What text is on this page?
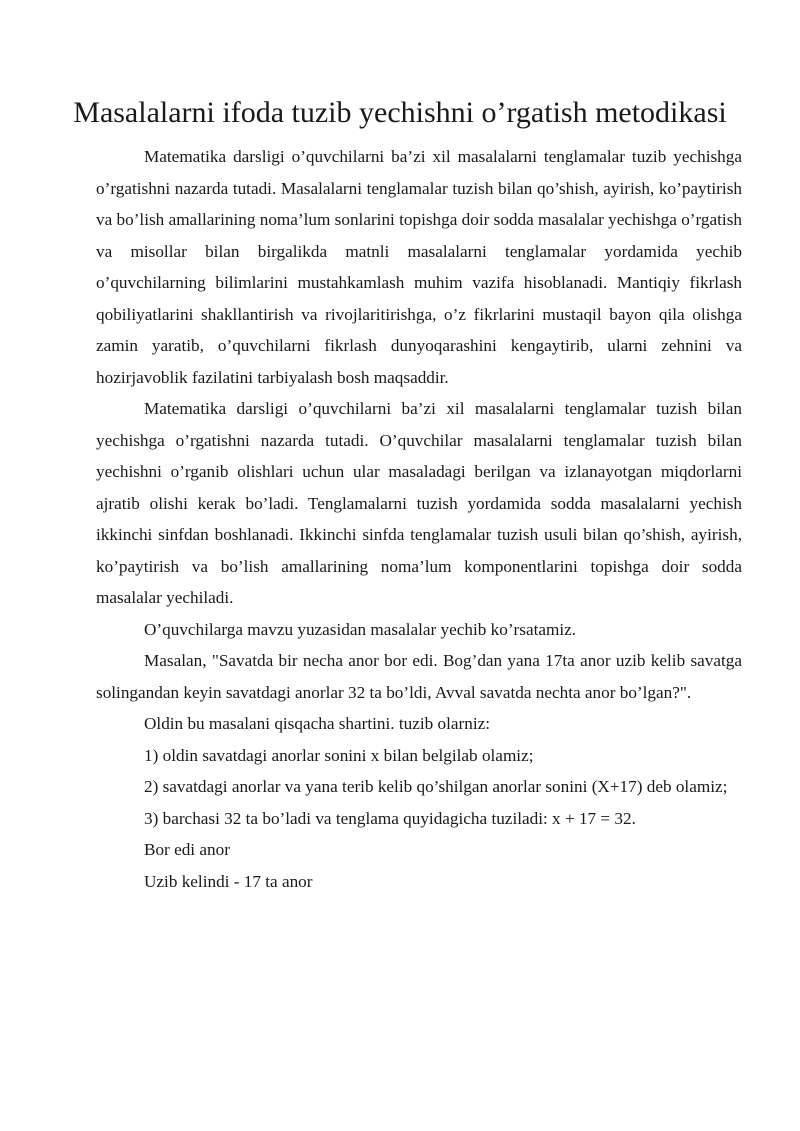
Masalalarni ifoda tuzib yechishni o’rgatish metodikasi

Matematika darsligi o’quvchilarni ba’zi xil masalalarni tenglamalar tuzib yechishga o’rgatishni nazarda tutadi. Masalalarni tenglamalar tuzish bilan qo’shish, ayirish, ko’paytirish va bo’lish amallarining noma’lum sonlarini topishga doir sodda masalalar yechishga o’rgatish va misollar bilan birgalikda matnli masalalarni tenglamalar yordamida yechib o’quvchilarning bilimlarini mustahkamlash muhim vazifa hisoblanadi. Mantiqiy fikrlash qobiliyatlarini shakllantirish va rivojlaritirishga, o’z fikrlarini mustaqil bayon qila olishga zamin yaratib, o’quvchilarni fikrlash dunyoqarashini kengaytirib, ularni zehnini va hozirjavoblik fazilatini tarbiyalash bosh maqsaddir.

Matematika darsligi o’quvchilarni ba’zi xil masalalarni tenglamalar tuzish bilan yechishga o’rgatishni nazarda tutadi. O’quvchilar masalalarni tenglamalar tuzish bilan yechishni o’rganib olishlari uchun ular masaladagi berilgan va izlanayotgan miqdorlarni ajratib olishi kerak bo’ladi. Tenglamalarni tuzish yordamida sodda masalalarni yechish ikkinchi sinfdan boshlanadi. Ikkinchi sinfda tenglamalar tuzish usuli bilan qo’shish, ayirish, ko’paytirish va bo’lish amallarining noma’lum komponentlarini topishga doir sodda masalalar yechiladi.

O’quvchilarga mavzu yuzasidan masalalar yechib ko’rsatamiz.

Masalan, "Savatda bir necha anor bor edi. Bog’dan yana 17ta anor uzib kelib savatga solingandan keyin savatdagi anorlar 32 ta bo’ldi, Avval savatda nechta anor bo’lgan?".

Oldin bu masalani qisqacha shartini. tuzib olarniz:

1) oldin savatdagi anorlar sonini x bilan belgilab olamiz;

2) savatdagi anorlar va yana terib kelib qo’shilgan anorlar sonini (X+17) deb olamiz;

3) barchasi 32 ta bo’ladi va tenglama quyidagicha tuziladi: x + 17 = 32.

Bor edi anor

Uzib kelindi - 17 ta anor
